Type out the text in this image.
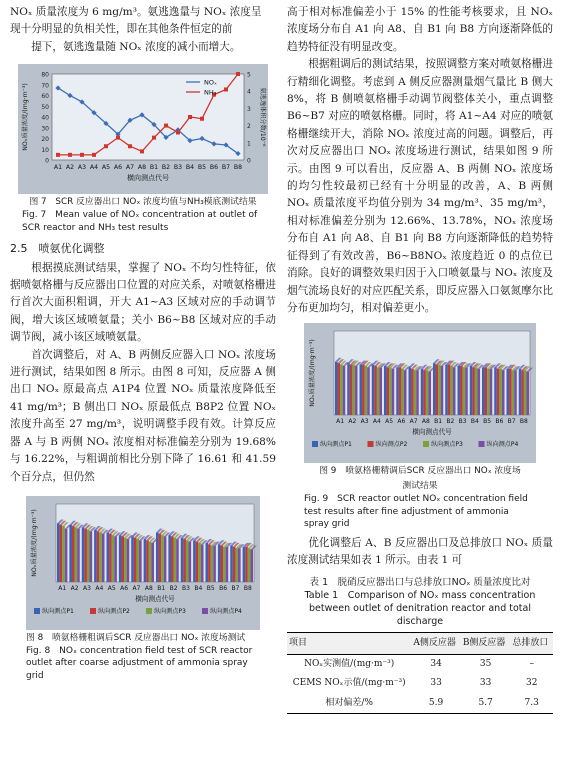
NOₓ 质量浓度为 6 mg/m³。氨逃逸量与 NOₓ 浓度呈

现十分明显的负相关性，即在其他条件恒定的前

提下，氨逃逸量随 NOₓ 浓度的减小而增大。

0
10
20
30
40
50
60
70
80
0
1
2
3
4
5
A1 A2 A3 A4 A5 A6 A7 A8 B1 B2 B3 B4 B5 B6 B7 B8
横向测点代号
NOₓ质量浓度/(mg·m⁻³)	氨逃逸体积分数/10⁻⁶
NOₓ
NH₃
图 7　SCR 反应器出口 NOₓ 浓度均值与NH₃模底测试结果
Fig. 7　Mean value of NOₓ concentration at outlet of SCR reactor and NH₃ test results
2.5　喷氨优化调整

根据摸底测试结果，掌握了 NOₓ 不均匀性特征，依据喷氨格栅与反应器出口位置的对应关系，对喷氨格栅进行首次大面积粗调，开大 A1~A3 区域对应的手动调节阀，增大该区域喷氨量；关小 B6~B8 区域对应的手动调节阀，减小该区域喷氨量。

首次调整后，对 A、B 两侧反应器入口 NOₓ 浓度场进行测试，结果如图 8 所示。由图 8 可知，反应器 A 侧出口 NOₓ 原最高点 A1P4 位置 NOₓ 质量浓度降低至 41 mg/m³；B 侧出口 NOₓ 原最低点 B8P2 位置 NOₓ 浓度升高至 27 mg/m³，说明调整手段有效。计算反应器 A 与 B 两侧 NOₓ 浓度相对标准偏差分别为 19.68% 与 16.22%，与粗调前相比分别下降了 16.61 和 41.59 个百分点，但仍然

A1 A2 A3 A4 A5 A6 A7 A8 B1 B2 B3 B4 B5 B6 B7 B8
横向测点代号
NOₓ质量浓度/(mg·m⁻³)
纵向测点P1	纵向测点P2	纵向测点P3	纵向测点P4
图 8　喷氨格栅粗调后SCR 反应器出口 NOₓ 浓度场测试
Fig. 8　NOₓ concentration field test of SCR reactor outlet after coarse adjustment of ammonia spray grid

高于相对标准偏差小于 15% 的性能考核要求，且 NOₓ 浓度场分布自 A1 向 A8、自 B1 向 B8 方向逐渐降低的趋势特征没有明显改变。

根据粗调后的测试结果，按照调整方案对喷氨格栅进行精细化调整。考虑到 A 侧反应器测量烟气量比 B 侧大 8%，将 B 侧喷氨格栅手动调节阀整体关小，重点调整 B6~B7 对应的喷氨格栅。同时，将 A1~A4 对应的喷氨格栅继续开大，消除 NOₓ 浓度过高的问题。调整后，再次对反应器出口 NOₓ 浓度场进行测试，结果如图 9 所示。由图 9 可以看出，反应器 A、B 两侧 NOₓ 浓度场的均匀性较最初已经有十分明显的改善，A、B 两侧 NOₓ 质量浓度平均值分别为 34 mg/m³、35 mg/m³，相对标准偏差分别为 12.66%、13.78%，NOₓ 浓度场分布自 A1 向 A8、自 B1 向 B8 方向逐渐降低的趋势特征得到了有效改善，B6~B8NOₓ 浓度趋近 0 的点位已消除。良好的调整效果归因于入口喷氨量与 NOₓ 浓度及烟气流场良好的对应匹配关系，即反应器入口氨氮摩尔比分布更加均匀，相对偏差更小。

A1 A2 A3 A4 A5 A6 A7 A8 B1 B2 B3 B4 B5 B6 B7 B8
横向测点代号
NOₓ质量浓度/(mg·m⁻³)
纵向测点P1	纵向测点P2	纵向测点P3	纵向测点P4
图 9　喷氨格栅精调后SCR 反应器出口 NOₓ 浓度场
测试结果
Fig. 9　SCR reactor outlet NOₓ concentration field test results after fine adjustment of ammonia spray grid

优化调整后 A、B 反应器出口及总排放口 NOₓ 质量浓度测试结果如表 1 所示。由表 1 可

表 1　脱硝反应器出口与总排放口NOₓ 质量浓度比对
Table 1　Comparison of NOₓ mass concentration between outlet of denitration reactor and total discharge
项目	A侧反应器	B侧反应器	总排放口
NOₓ实测值/(mg·m⁻³)	34	35	–
CEMS NOₓ示值/(mg·m⁻³)	33	33	32
相对偏差/%	5.9	5.7	7.3
